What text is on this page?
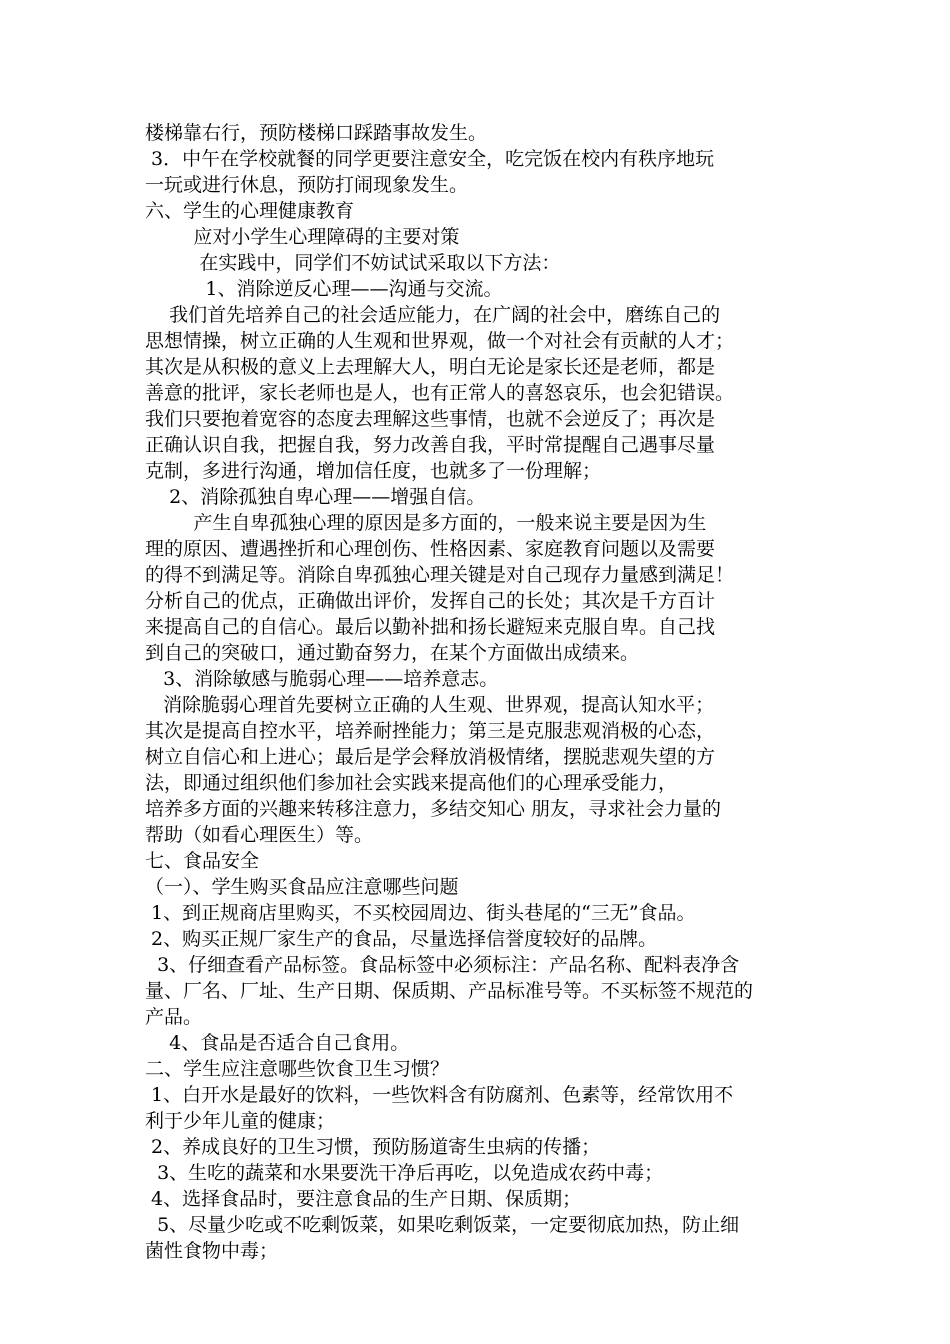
楼梯靠右行，预防楼梯口踩踏事故发生。
3．中午在学校就餐的同学更要注意安全，吃完饭在校内有秩序地玩
一玩或进行休息，预防打闹现象发生。
六、学生的心理健康教育
应对小学生心理障碍的主要对策
在实践中，同学们不妨试试采取以下方法：
1、消除逆反心理——沟通与交流。
我们首先培养自己的社会适应能力，在广阔的社会中，磨练自己的
思想情操，树立正确的人生观和世界观，做一个对社会有贡献的人才；
其次是从积极的意义上去理解大人，明白无论是家长还是老师，都是
善意的批评，家长老师也是人，也有正常人的喜怒哀乐，也会犯错误。
我们只要抱着宽容的态度去理解这些事情，也就不会逆反了；再次是
正确认识自我，把握自我，努力改善自我，平时常提醒自己遇事尽量
克制，多进行沟通，增加信任度，也就多了一份理解；
2、消除孤独自卑心理——增强自信。
产生自卑孤独心理的原因是多方面的，一般来说主要是因为生
理的原因、遭遇挫折和心理创伤、性格因素、家庭教育问题以及需要
的得不到满足等。消除自卑孤独心理关键是对自己现存力量感到满足！
分析自己的优点，正确做出评价，发挥自己的长处；其次是千方百计
来提高自己的自信心。最后以勤补拙和扬长避短来克服自卑。自己找
到自己的突破口，通过勤奋努力，在某个方面做出成绩来。
3、消除敏感与脆弱心理——培养意志。
消除脆弱心理首先要树立正确的人生观、世界观，提高认知水平；
其次是提高自控水平，培养耐挫能力；第三是克服悲观消极的心态，
树立自信心和上进心；最后是学会释放消极情绪，摆脱悲观失望的方
法，即通过组织他们参加社会实践来提高他们的心理承受能力，
培养多方面的兴趣来转移注意力，多结交知心 朋友，寻求社会力量的
帮助（如看心理医生）等。
七、食品安全
（一）、学生购买食品应注意哪些问题
1、到正规商店里购买，不买校园周边、街头巷尾的“三无”食品。
2、购买正规厂家生产的食品，尽量选择信誉度较好的品牌。
3、仔细查看产品标签。食品标签中必须标注：产品名称、配料表净含
量、厂名、厂址、生产日期、保质期、产品标准号等。不买标签不规范的
产品。
4、食品是否适合自己食用。
二、学生应注意哪些饮食卫生习惯？
1、白开水是最好的饮料，一些饮料含有防腐剂、色素等，经常饮用不
利于少年儿童的健康；
2、养成良好的卫生习惯，预防肠道寄生虫病的传播；
3、生吃的蔬菜和水果要洗干净后再吃，以免造成农药中毒；
4、选择食品时，要注意食品的生产日期、保质期；
5、尽量少吃或不吃剩饭菜，如果吃剩饭菜，一定要彻底加热，防止细
菌性食物中毒；
